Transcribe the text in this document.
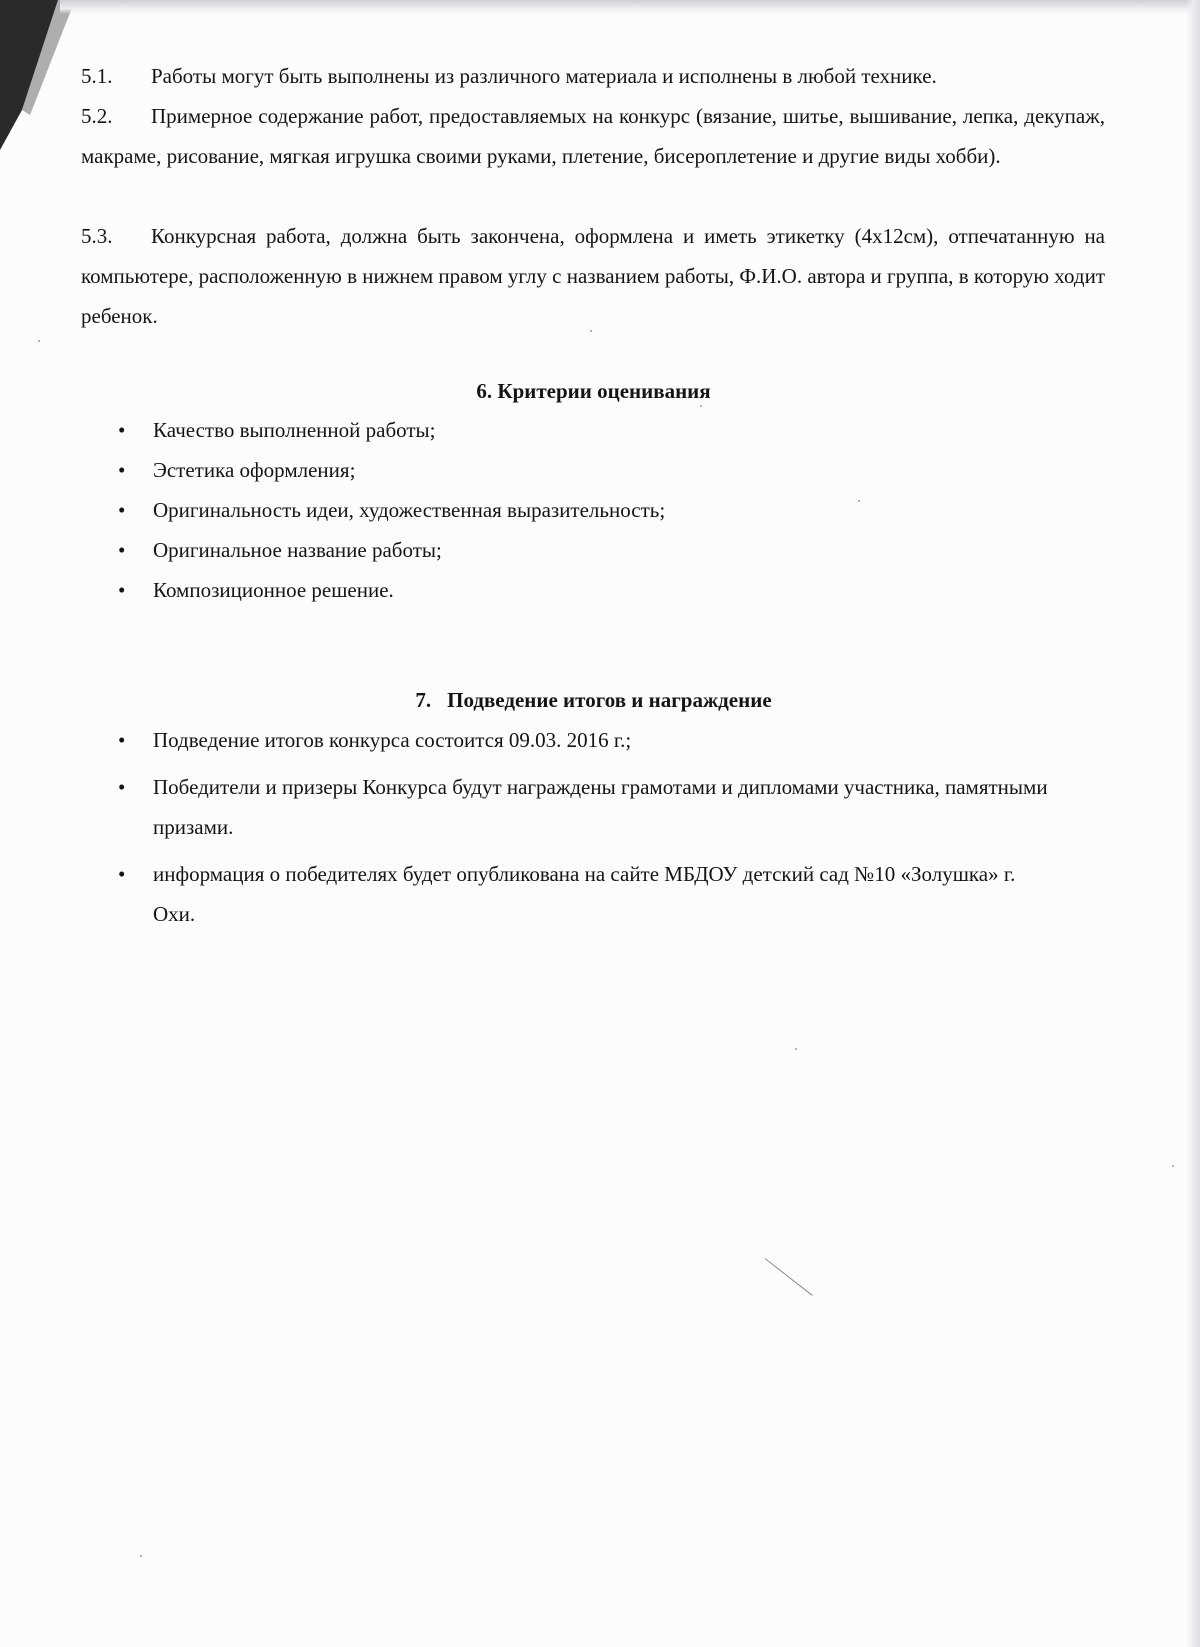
5.1. Работы могут быть выполнены из различного материала и исполнены в любой технике.
5.2. Примерное содержание работ, предоставляемых на конкурс (вязание, шитье, вышивание, лепка, декупаж, макраме, рисование, мягкая игрушка своими руками, плетение, бисероплетение и другие виды хобби).
5.3. Конкурсная работа, должна быть закончена, оформлена и иметь этикетку (4x12см), отпечатанную на компьютере, расположенную в нижнем правом углу с названием работы, Ф.И.О. автора и группа, в которую ходит ребенок.
6. Критерии оценивания
• Качество выполненной работы;
• Эстетика оформления;
• Оригинальность идеи, художественная выразительность;
• Оригинальное название работы;
• Композиционное решение.
7. Подведение итогов и награждение
• Подведение итогов конкурса состоится 09.03. 2016 г.;
• Победители и призеры Конкурса будут награждены грамотами и дипломами участника, памятными призами.
• информация о победителях будет опубликована на сайте МБДОУ детский сад №10 «Золушка» г. Охи.
